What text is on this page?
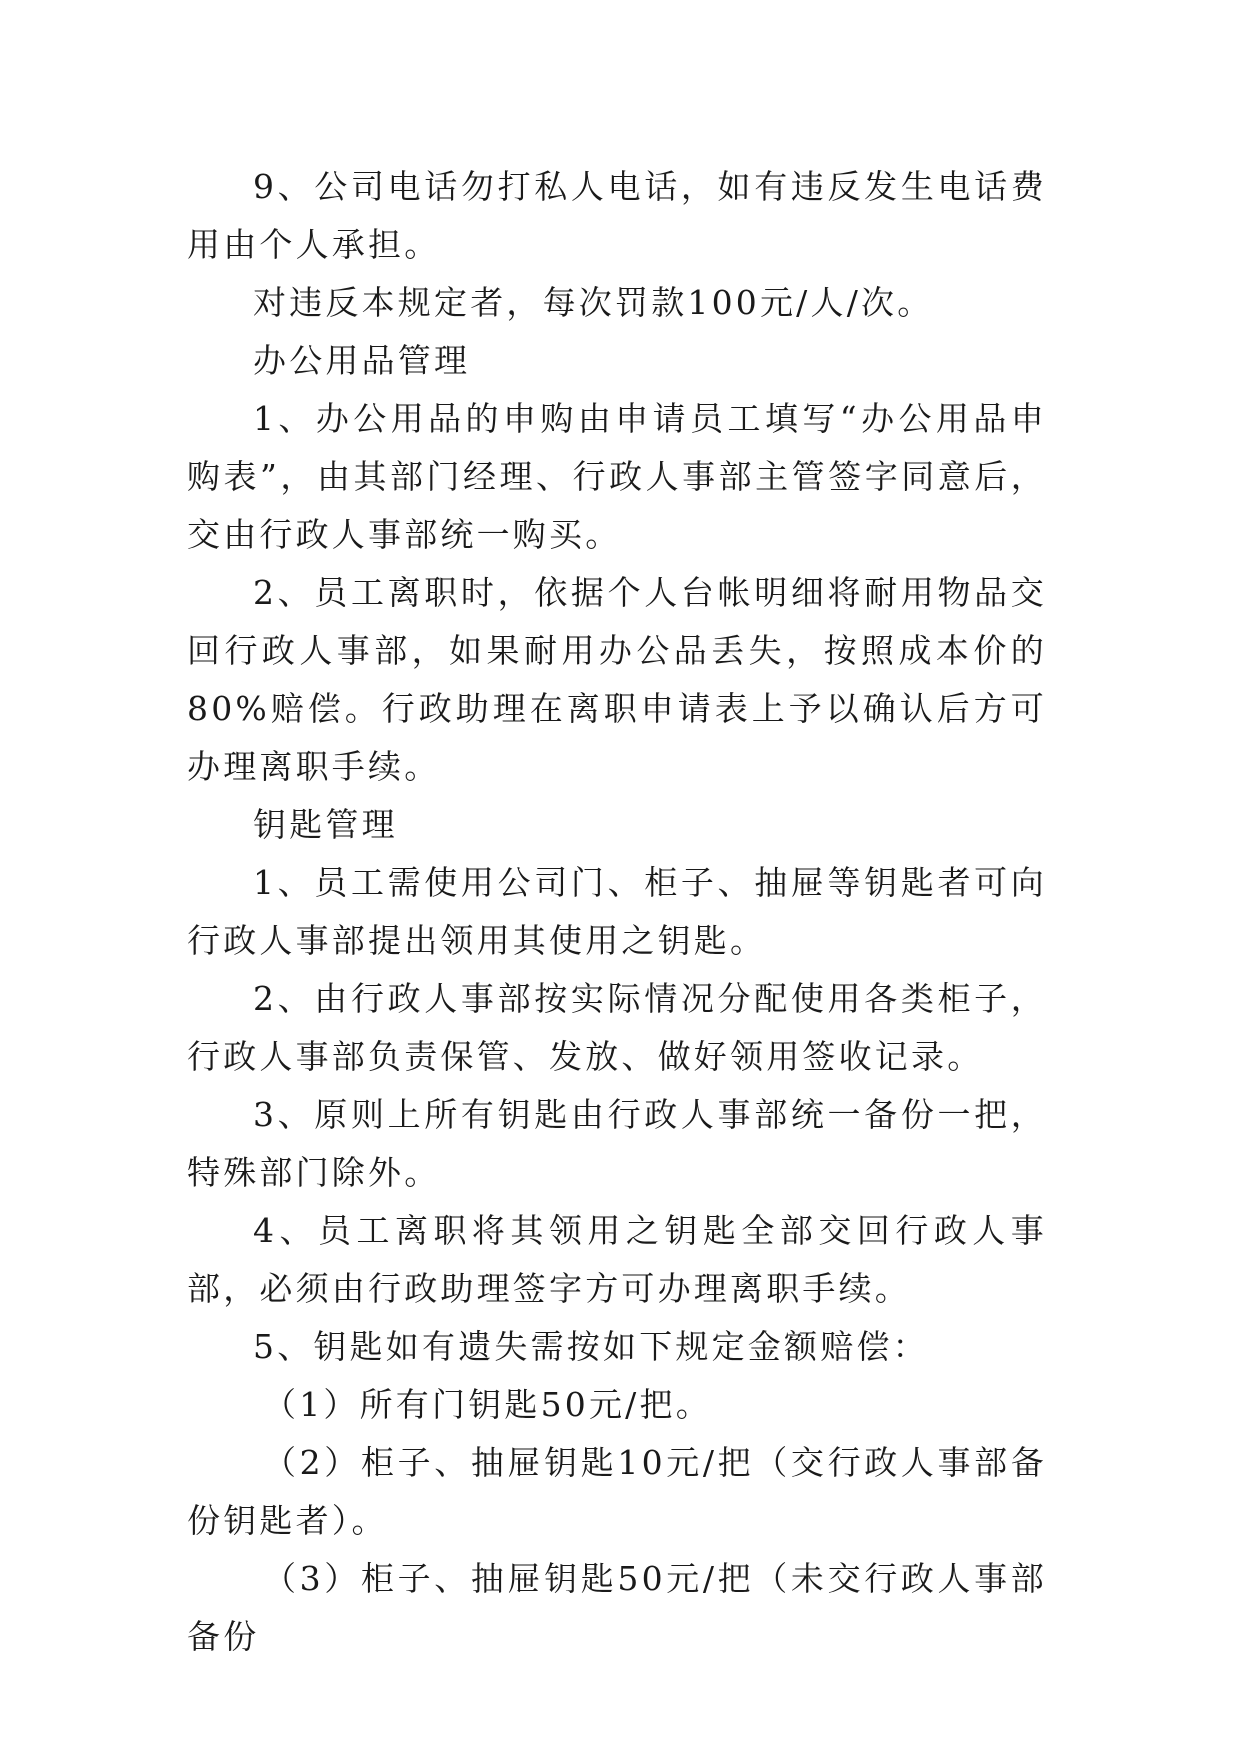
9、公司电话勿打私人电话，如有违反发生电话费用由个人承担。

对违反本规定者，每次罚款100元/人/次。

办公用品管理

1、办公用品的申购由申请员工填写“办公用品申购表”，由其部门经理、行政人事部主管签字同意后，交由行政人事部统一购买。

2、员工离职时，依据个人台帐明细将耐用物品交回行政人事部，如果耐用办公品丢失，按照成本价的80%赔偿。行政助理在离职申请表上予以确认后方可办理离职手续。

钥匙管理

1、员工需使用公司门、柜子、抽屉等钥匙者可向行政人事部提出领用其使用之钥匙。

2、由行政人事部按实际情况分配使用各类柜子，行政人事部负责保管、发放、做好领用签收记录。

3、原则上所有钥匙由行政人事部统一备份一把，特殊部门除外。

4、员工离职将其领用之钥匙全部交回行政人事部，必须由行政助理签字方可办理离职手续。

5、钥匙如有遗失需按如下规定金额赔偿：

（1）所有门钥匙50元/把。

（2）柜子、抽屉钥匙10元/把（交行政人事部备份钥匙者）。

（3）柜子、抽屉钥匙50元/把（未交行政人事部备份
